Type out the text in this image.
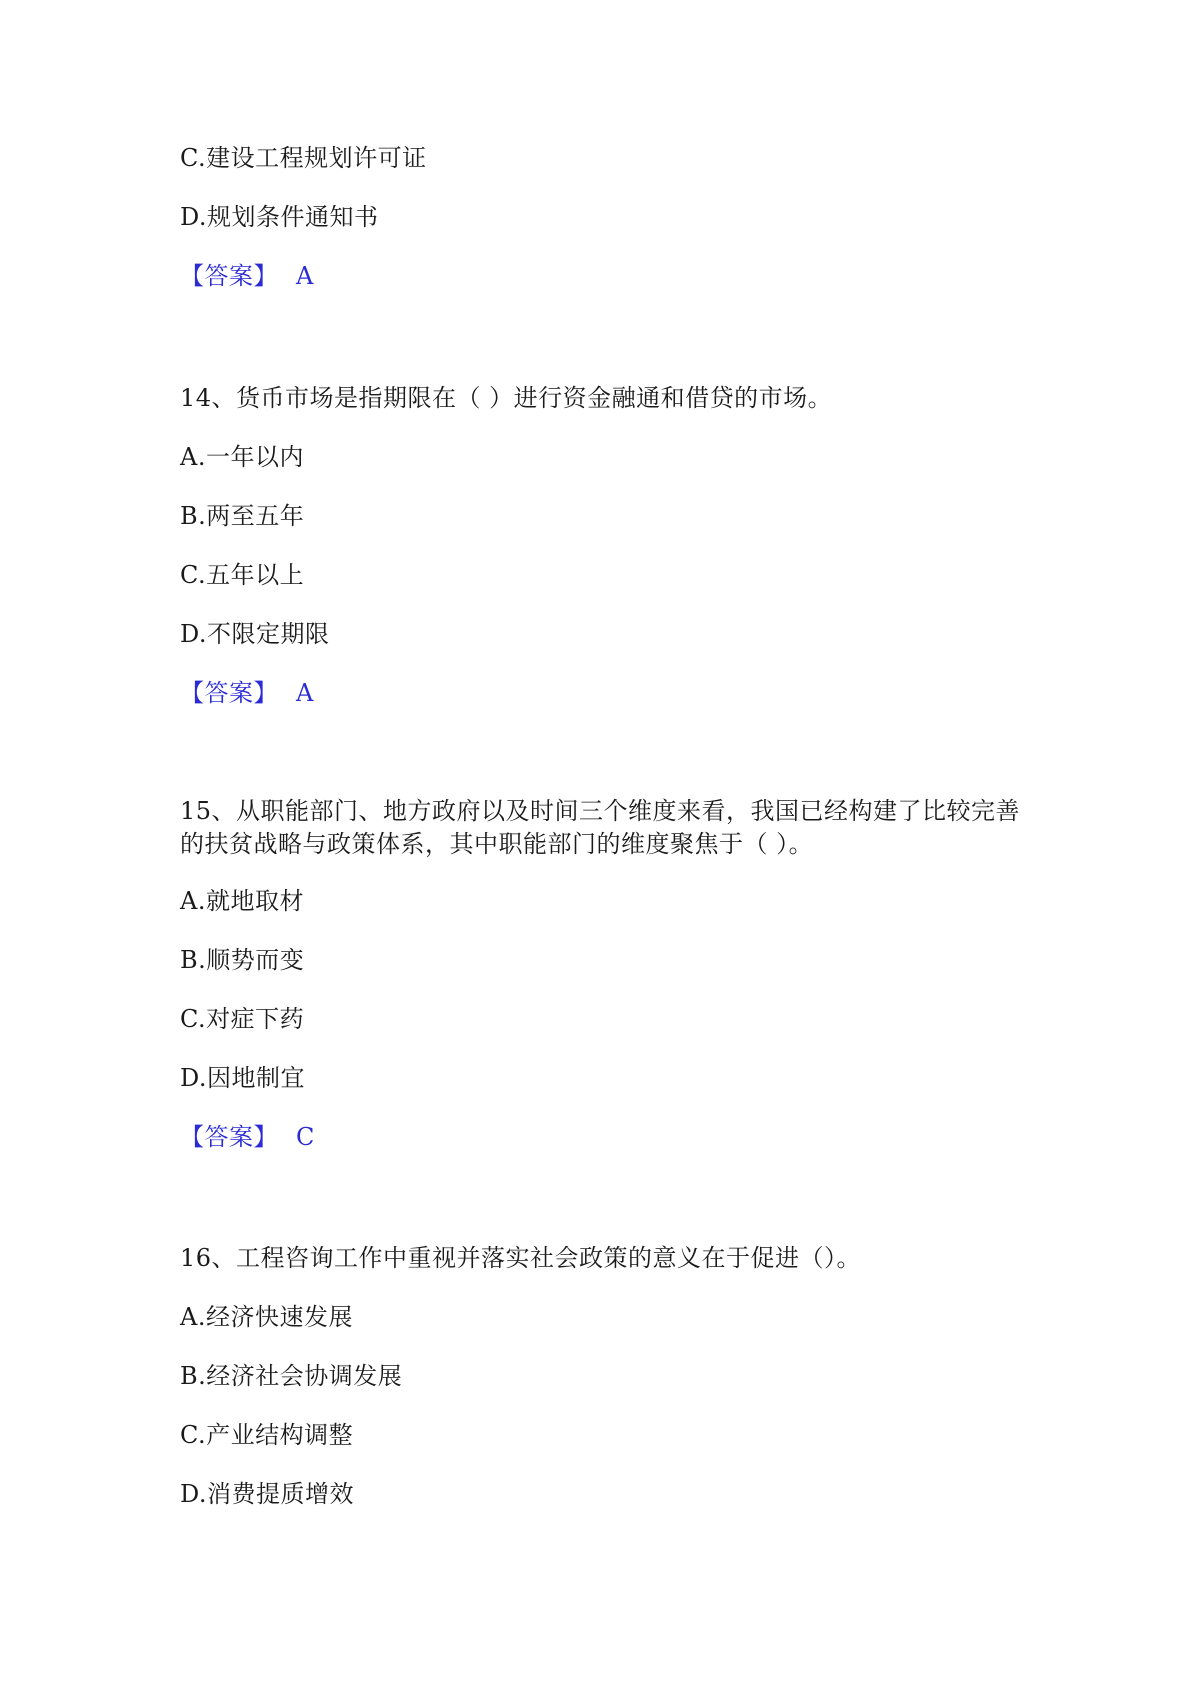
C.建设工程规划许可证
D.规划条件通知书
【答案】 A
14、货币市场是指期限在（ ）进行资金融通和借贷的市场。
A.一年以内
B.两至五年
C.五年以上
D.不限定期限
【答案】 A
15、从职能部门、地方政府以及时间三个维度来看，我国已经构建了比较完善
的扶贫战略与政策体系，其中职能部门的维度聚焦于（ ）。
A.就地取材
B.顺势而变
C.对症下药
D.因地制宜
【答案】 C
16、工程咨询工作中重视并落实社会政策的意义在于促进（）。
A.经济快速发展
B.经济社会协调发展
C.产业结构调整
D.消费提质增效
